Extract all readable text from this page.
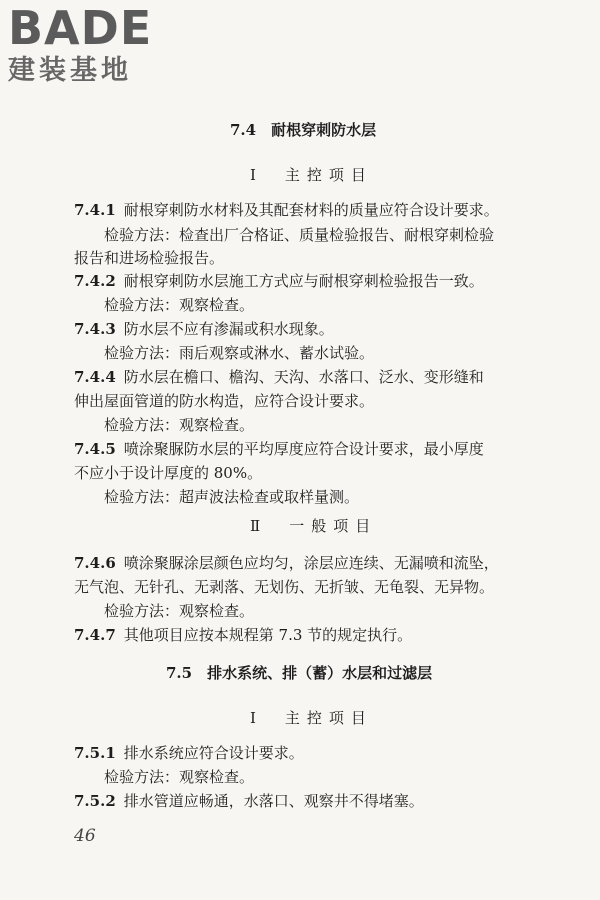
BADE
建装基地

7.4　耐根穿刺防水层

Ⅰ　主控项目

7.4.1 耐根穿刺防水材料及其配套材料的质量应符合设计要求。

检验方法：检查出厂合格证、质量检验报告、耐根穿刺检验

报告和进场检验报告。

7.4.2 耐根穿刺防水层施工方式应与耐根穿刺检验报告一致。

检验方法：观察检查。

7.4.3 防水层不应有渗漏或积水现象。

检验方法：雨后观察或淋水、蓄水试验。

7.4.4 防水层在檐口、檐沟、天沟、水落口、泛水、变形缝和

伸出屋面管道的防水构造，应符合设计要求。

检验方法：观察检查。

7.4.5 喷涂聚脲防水层的平均厚度应符合设计要求，最小厚度

不应小于设计厚度的 80%。

检验方法：超声波法检查或取样量测。

Ⅱ　一般项目

7.4.6 喷涂聚脲涂层颜色应均匀，涂层应连续、无漏喷和流坠，

无气泡、无针孔、无剥落、无划伤、无折皱、无龟裂、无异物。

检验方法：观察检查。

7.4.7 其他项目应按本规程第 7.3 节的规定执行。

7.5　排水系统、排（蓄）水层和过滤层

Ⅰ　主控项目

7.5.1 排水系统应符合设计要求。

检验方法：观察检查。

7.5.2 排水管道应畅通，水落口、观察井不得堵塞。

46
